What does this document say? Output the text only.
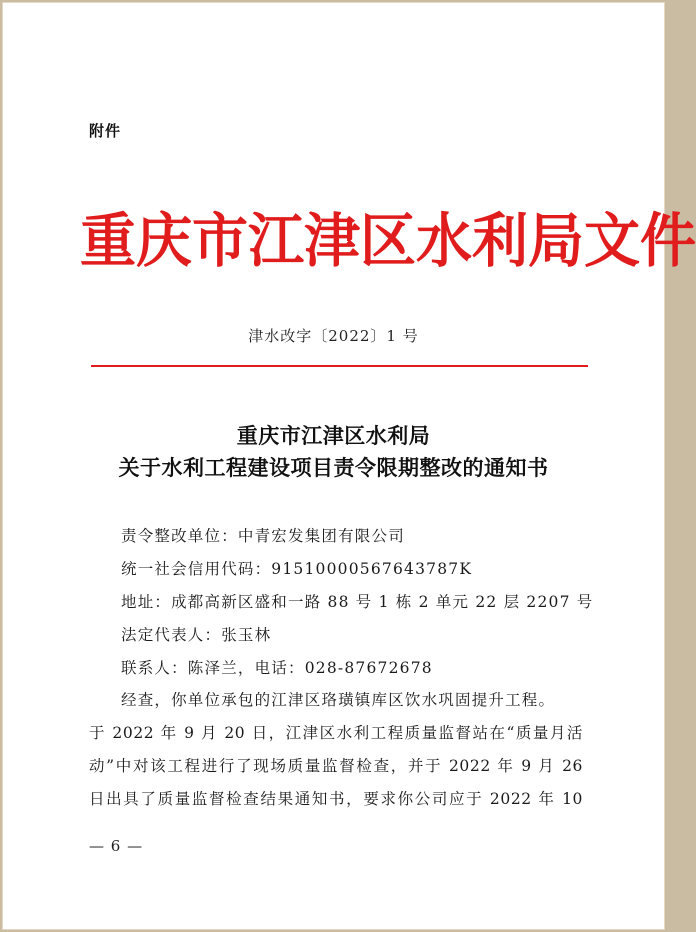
附件
重庆市江津区水利局文件
津水改字〔2022〕1 号
重庆市江津区水利局
关于水利工程建设项目责令限期整改的通知书
责令整改单位：中青宏发集团有限公司
统一社会信用代码：91510000567643787K
地址：成都高新区盛和一路 88 号 1 栋 2 单元 22 层 2207 号
法定代表人：张玉林
联系人：陈泽兰，电话：028-87672678
经查，你单位承包的江津区珞璜镇库区饮水巩固提升工程。
于 2022 年 9 月 20 日，江津区水利工程质量监督站在“质量月活
动”中对该工程进行了现场质量监督检查，并于 2022 年 9 月 26
日出具了质量监督检查结果通知书，要求你公司应于 2022 年 10
— 6 —
